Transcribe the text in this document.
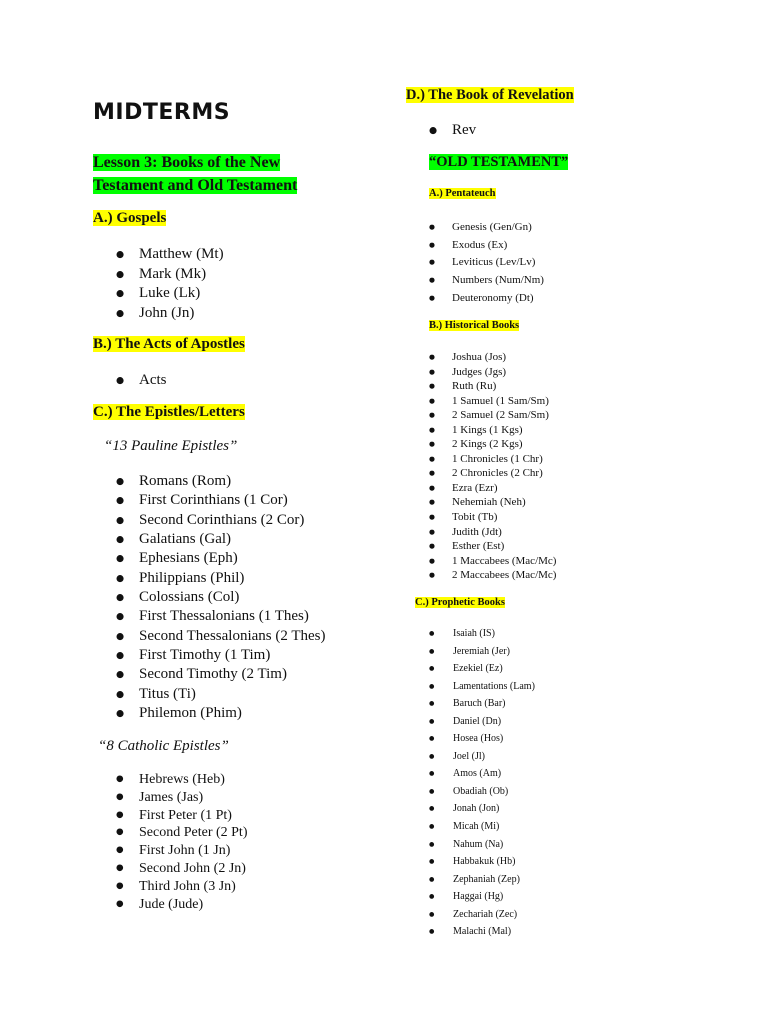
MIDTERMS
Lesson 3: Books of the New
Testament and Old Testament
A.) Gospels
● Matthew (Mt)
● Mark (Mk)
● Luke (Lk)
● John (Jn)
B.) The Acts of Apostles
● Acts
C.) The Epistles/Letters
“13 Pauline Epistles”
● Romans (Rom)
● First Corinthians (1 Cor)
● Second Corinthians (2 Cor)
● Galatians (Gal)
● Ephesians (Eph)
● Philippians (Phil)
● Colossians (Col)
● First Thessalonians (1 Thes)
● Second Thessalonians (2 Thes)
● First Timothy (1 Tim)
● Second Timothy (2 Tim)
● Titus (Ti)
● Philemon (Phim)
“8 Catholic Epistles”
● Hebrews (Heb)
● James (Jas)
● First Peter (1 Pt)
● Second Peter (2 Pt)
● First John (1 Jn)
● Second John (2 Jn)
● Third John (3 Jn)
● Jude (Jude)
D.) The Book of Revelation
● Rev
“OLD TESTAMENT”
A.) Pentateuch
● Genesis (Gen/Gn)
● Exodus (Ex)
● Leviticus (Lev/Lv)
● Numbers (Num/Nm)
● Deuteronomy (Dt)
B.) Historical Books
● Joshua (Jos)
● Judges (Jgs)
● Ruth (Ru)
● 1 Samuel (1 Sam/Sm)
● 2 Samuel (2 Sam/Sm)
● 1 Kings (1 Kgs)
● 2 Kings (2 Kgs)
● 1 Chronicles (1 Chr)
● 2 Chronicles (2 Chr)
● Ezra (Ezr)
● Nehemiah (Neh)
● Tobit (Tb)
● Judith (Jdt)
● Esther (Est)
● 1 Maccabees (Mac/Mc)
● 2 Maccabees (Mac/Mc)
C.) Prophetic Books
● Isaiah (IS)
● Jeremiah (Jer)
● Ezekiel (Ez)
● Lamentations (Lam)
● Baruch (Bar)
● Daniel (Dn)
● Hosea (Hos)
● Joel (Jl)
● Amos (Am)
● Obadiah (Ob)
● Jonah (Jon)
● Micah (Mi)
● Nahum (Na)
● Habbakuk (Hb)
● Zephaniah (Zep)
● Haggai (Hg)
● Zechariah (Zec)
● Malachi (Mal)
